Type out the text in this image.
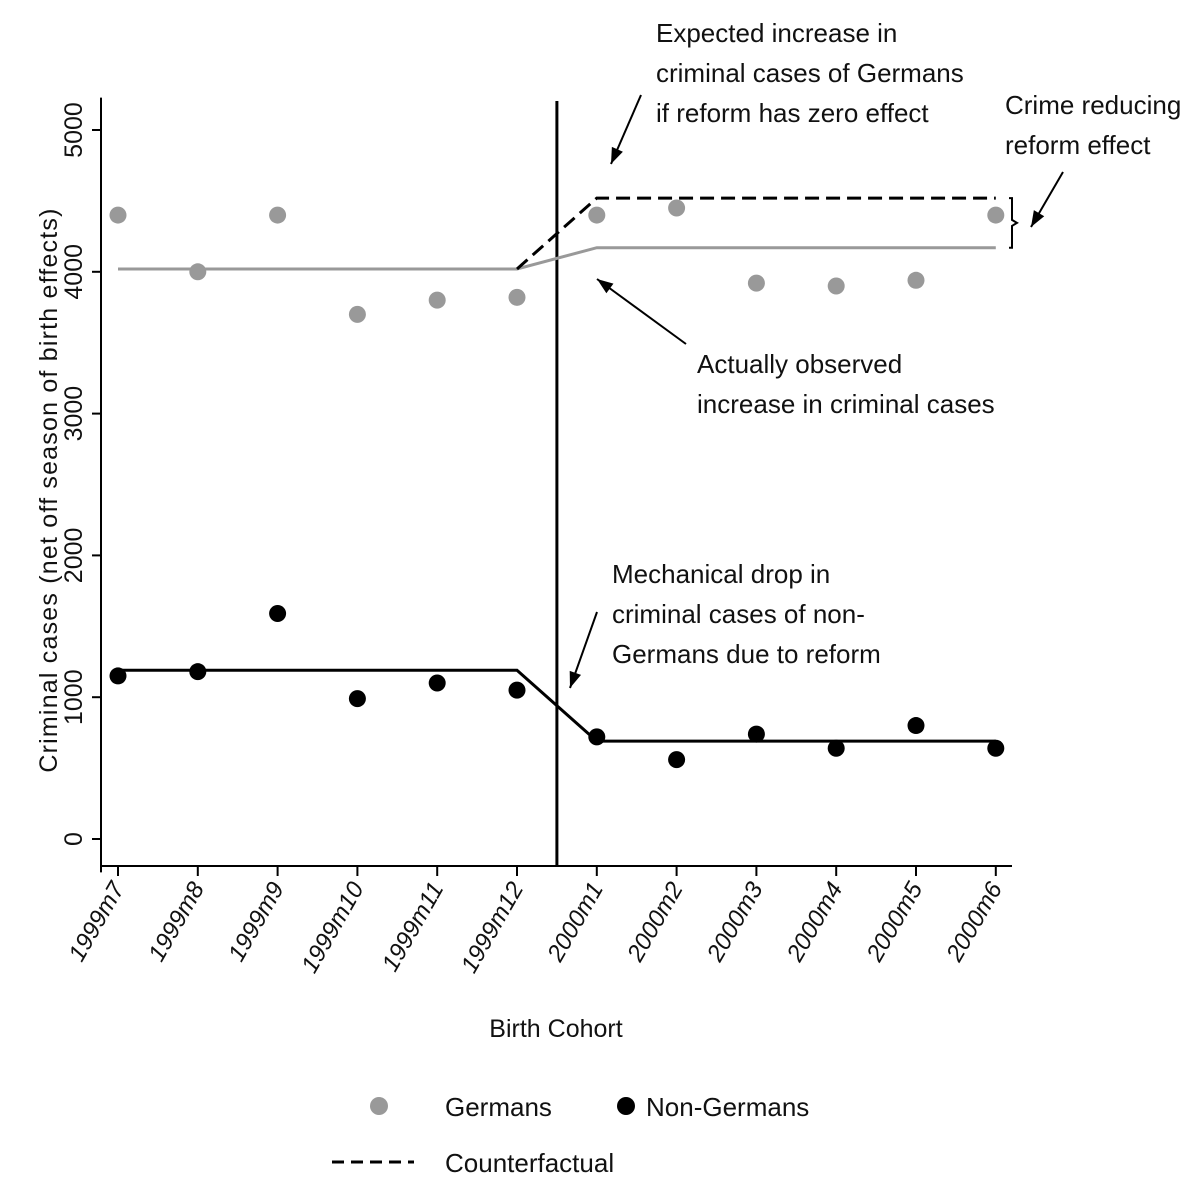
0
1000
2000
3000
4000
5000
1999m7 1999m8 1999m9 1999m10 1999m11 1999m12 2000m1 2000m2 2000m3 2000m4 2000m5 2000m6
Expected increase in
criminal cases of Germans
if reform has zero effect	Crime reducing
reform effect
Actually observed
increase in criminal cases
Mechanical drop in
criminal cases of non-
Germans due to reform
Birth Cohort
Criminal cases (net off season of birth effects)
Germans	Non-Germans
Counterfactual
